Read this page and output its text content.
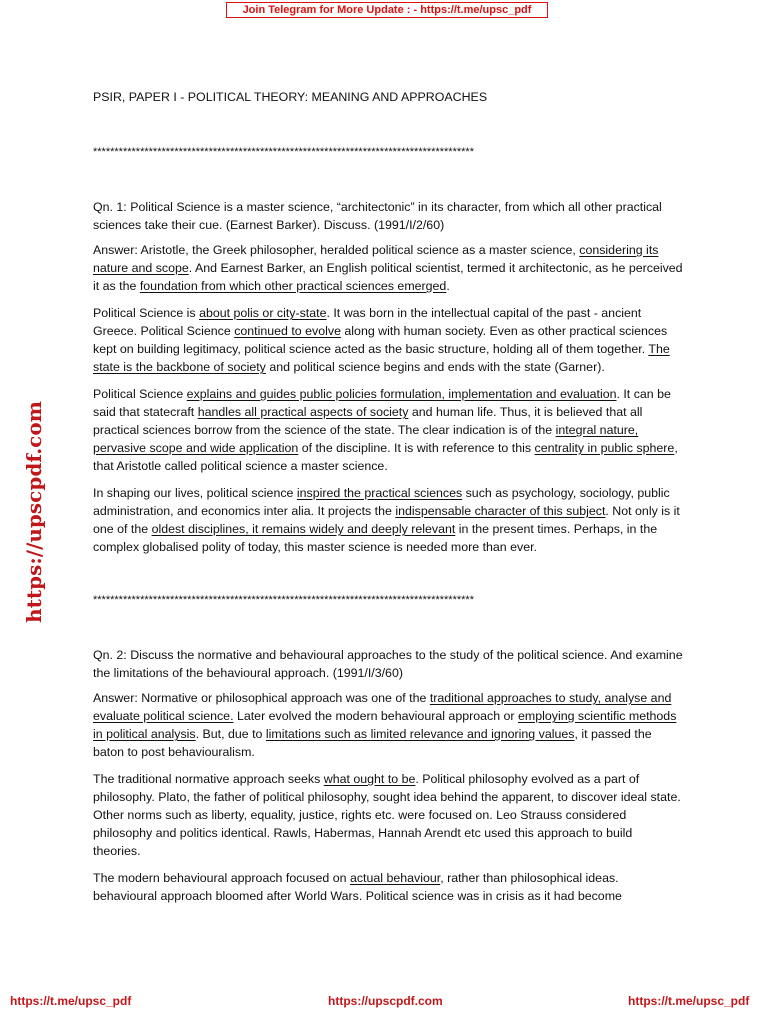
Join Telegram for More Update : - https://t.me/upsc_pdf
https://upscpdf.com
PSIR, PAPER I - POLITICAL THEORY: MEANING AND APPROACHES
*****************************************************************************************

Qn. 1: Political Science is a master science, “architectonic” in its character, from which all other practical sciences take their cue. (Earnest Barker). Discuss. (1991/I/2/60)

Answer: Aristotle, the Greek philosopher, heralded political science as a master science, considering its nature and scope. And Earnest Barker, an English political scientist, termed it architectonic, as he perceived it as the foundation from which other practical sciences emerged.

Political Science is about polis or city-state. It was born in the intellectual capital of the past - ancient Greece. Political Science continued to evolve along with human society. Even as other practical sciences kept on building legitimacy, political science acted as the basic structure, holding all of them together. The state is the backbone of society and political science begins and ends with the state (Garner).

Political Science explains and guides public policies formulation, implementation and evaluation. It can be said that statecraft handles all practical aspects of society and human life. Thus, it is believed that all practical sciences borrow from the science of the state. The clear indication is of the integral nature, pervasive scope and wide application of the discipline. It is with reference to this centrality in public sphere, that Aristotle called political science a master science.

In shaping our lives, political science inspired the practical sciences such as psychology, sociology, public administration, and economics inter alia. It projects the indispensable character of this subject. Not only is it one of the oldest disciplines, it remains widely and deeply relevant in the present times. Perhaps, in the complex globalised polity of today, this master science is needed more than ever.

*****************************************************************************************

Qn. 2: Discuss the normative and behavioural approaches to the study of the political science. And examine the limitations of the behavioural approach. (1991/I/3/60)

Answer: Normative or philosophical approach was one of the traditional approaches to study, analyse and evaluate political science. Later evolved the modern behavioural approach or employing scientific methods in political analysis. But, due to limitations such as limited relevance and ignoring values, it passed the baton to post behaviouralism.

The traditional normative approach seeks what ought to be. Political philosophy evolved as a part of philosophy. Plato, the father of political philosophy, sought idea behind the apparent, to discover ideal state. Other norms such as liberty, equality, justice, rights etc. were focused on. Leo Strauss considered philosophy and politics identical. Rawls, Habermas, Hannah Arendt etc used this approach to build theories.

The modern behavioural approach focused on actual behaviour, rather than philosophical ideas. behavioural approach bloomed after World Wars. Political science was in crisis as it had become

https://t.me/upsc_pdf	https://upscpdf.com	https://t.me/upsc_pdf
